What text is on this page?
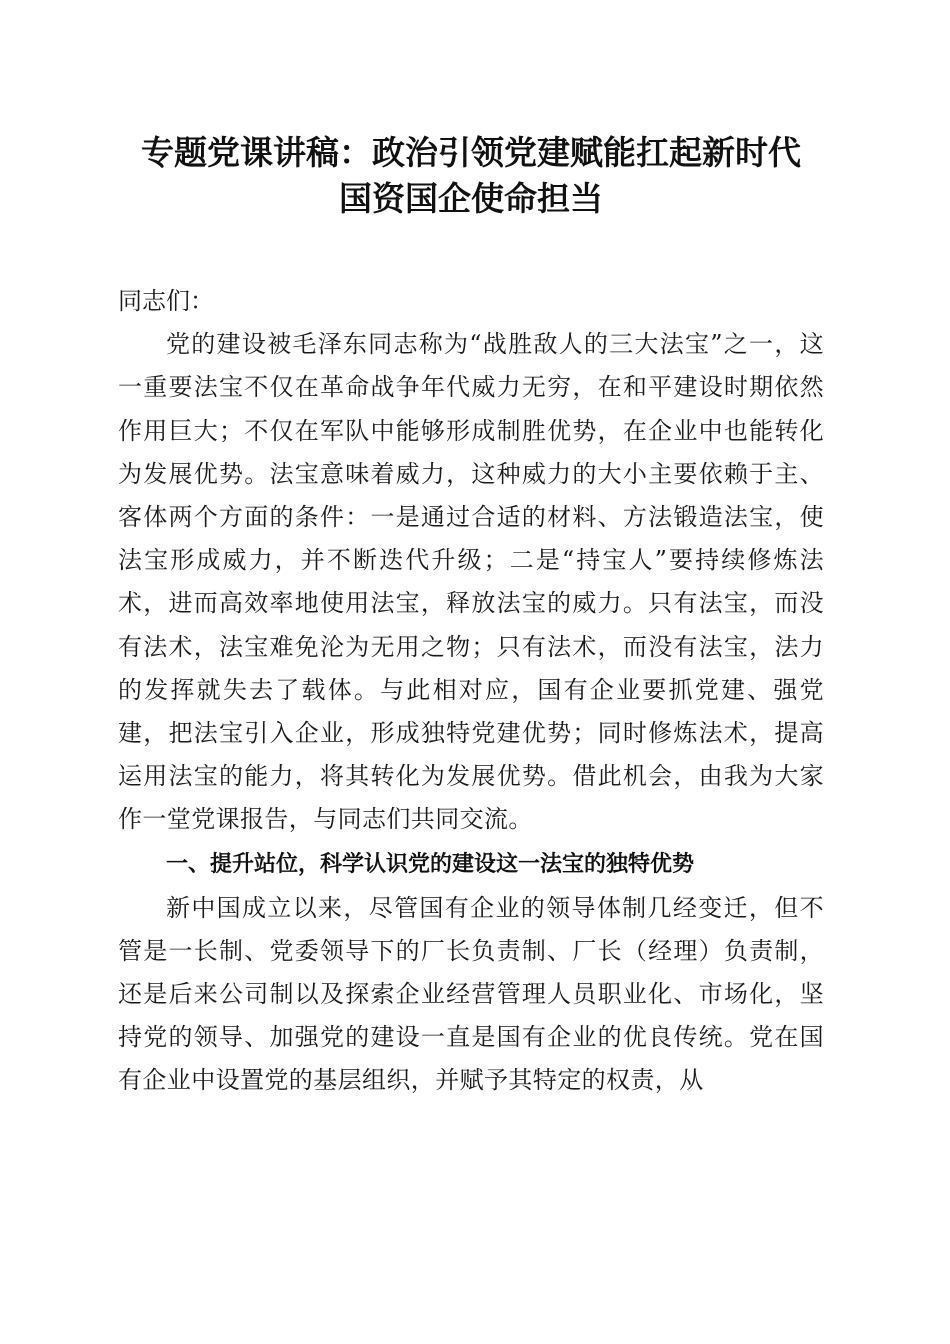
专题党课讲稿：政治引领党建赋能扛起新时代
国资国企使命担当

同志们：

党的建设被毛泽东同志称为“战胜敌人的三大法宝”之一，这一重要法宝不仅在革命战争年代威力无穷，在和平建设时期依然作用巨大；不仅在军队中能够形成制胜优势，在企业中也能转化为发展优势。法宝意味着威力，这种威力的大小主要依赖于主、客体两个方面的条件：一是通过合适的材料、方法锻造法宝，使法宝形成威力，并不断迭代升级；二是“持宝人”要持续修炼法术，进而高效率地使用法宝，释放法宝的威力。只有法宝，而没有法术，法宝难免沦为无用之物；只有法术，而没有法宝，法力的发挥就失去了载体。与此相对应，国有企业要抓党建、强党建，把法宝引入企业，形成独特党建优势；同时修炼法术，提高运用法宝的能力，将其转化为发展优势。借此机会，由我为大家作一堂党课报告，与同志们共同交流。

一、提升站位，科学认识党的建设这一法宝的独特优势

新中国成立以来，尽管国有企业的领导体制几经变迁，但不管是一长制、党委领导下的厂长负责制、厂长（经理）负责制，还是后来公司制以及探索企业经营管理人员职业化、市场化，坚持党的领导、加强党的建设一直是国有企业的优良传统。党在国有企业中设置党的基层组织，并赋予其特定的权责，从
